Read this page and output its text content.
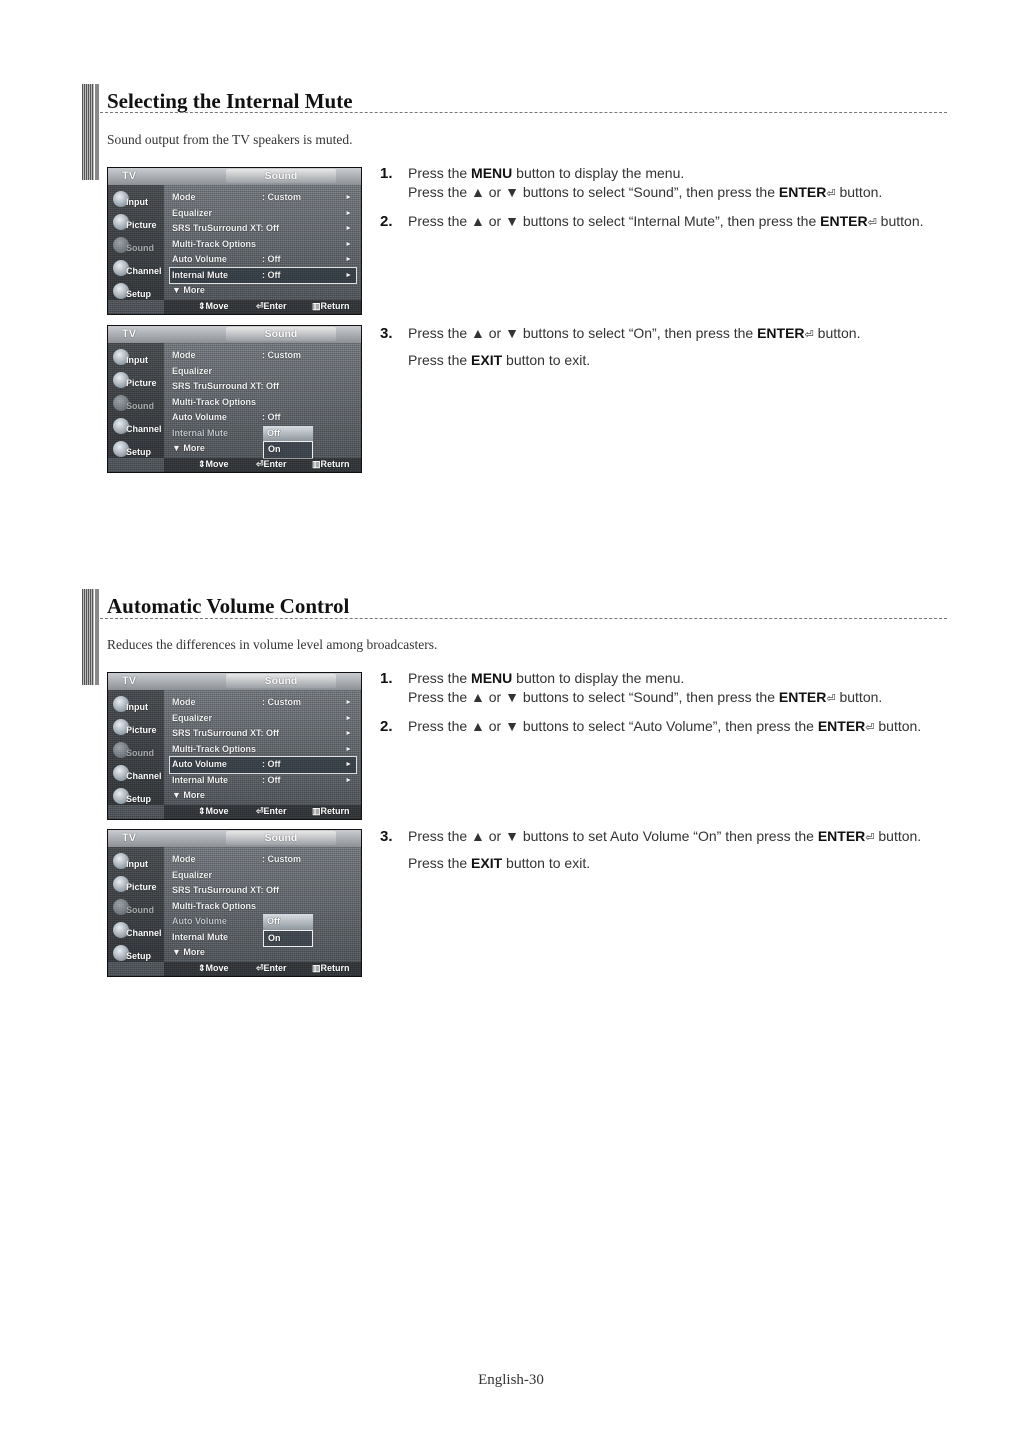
Selecting the Internal Mute
Sound output from the TV speakers is muted.
TV	Sound
Input
Picture
Sound
Channel
Setup
Mode	: Custom	►
Equalizer	►
SRS TruSurround XT: Off	►
Multi-Track Options	►
Auto Volume	: Off	►
Internal Mute	: Off	►
▼ More
⇕Move	⏎Enter	▥Return
TV	Sound
Input
Picture
Sound
Channel
Setup
Mode	: Custom
Equalizer
SRS TruSurround XT: Off
Multi-Track Options
Auto Volume	: Off
Internal Mute
▼ More
Off
On
⇕Move	⏎Enter	▥Return
1. Press the MENU button to display the menu.
Press the ▲ or ▼ buttons to select “Sound”, then press the ENTER⏎ button.
2. Press the ▲ or ▼ buttons to select “Internal Mute”, then press the ENTER⏎ button.
3. Press the ▲ or ▼ buttons to select “On”, then press the ENTER⏎ button.
Press the EXIT button to exit.
Automatic Volume Control
Reduces the differences in volume level among broadcasters.
TV	Sound
Input
Picture
Sound
Channel
Setup
Mode	: Custom	►
Equalizer	►
SRS TruSurround XT: Off	►
Multi-Track Options	►
Auto Volume	: Off	►
Internal Mute	: Off	►
▼ More
⇕Move	⏎Enter	▥Return
TV	Sound
Input
Picture
Sound
Channel
Setup
Mode	: Custom
Equalizer
SRS TruSurround XT: Off
Multi-Track Options
Auto Volume
Internal Mute
▼ More
Off
On
⇕Move	⏎Enter	▥Return
1. Press the MENU button to display the menu.
Press the ▲ or ▼ buttons to select “Sound”, then press the ENTER⏎ button.
2. Press the ▲ or ▼ buttons to select “Auto Volume”, then press the ENTER⏎ button.
3. Press the ▲ or ▼ buttons to set Auto Volume “On” then press the ENTER⏎ button.
Press the EXIT button to exit.
English-30
